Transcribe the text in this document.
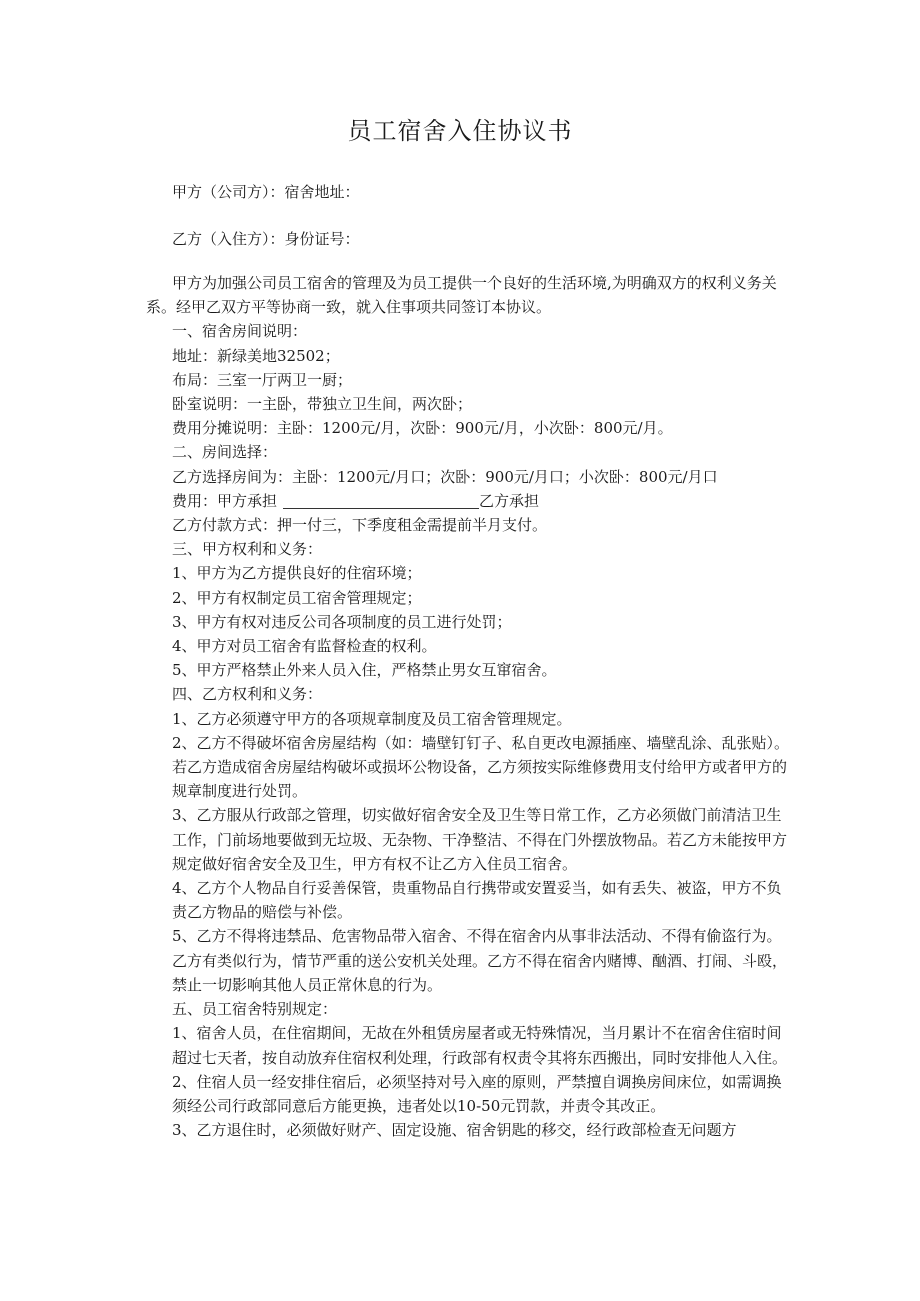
员工宿舍入住协议书
甲方（公司方）：宿舍地址：
乙方（入住方）：身份证号：

甲方为加强公司员工宿舍的管理及为员工提供一个良好的生活环境,为明确双方的权利义务关系。经甲乙双方平等协商一致，就入住事项共同签订本协议。

一、宿舍房间说明：

地址：新绿美地32502；

布局：三室一厅两卫一厨；

卧室说明：一主卧，带独立卫生间，两次卧；

费用分摊说明：主卧：1200元/月，次卧：900元/月，小次卧：800元/月。

二、房间选择：

乙方选择房间为：主卧：1200元/月口；次卧：900元/月口；小次卧：800元/月口

费用：甲方承担	乙方承担

乙方付款方式：押一付三，下季度租金需提前半月支付。

三、甲方权利和义务：

1、甲方为乙方提供良好的住宿环境；

2、甲方有权制定员工宿舍管理规定；

3、甲方有权对违反公司各项制度的员工进行处罚；

4、甲方对员工宿舍有监督检查的权利。

5、甲方严格禁止外来人员入住，严格禁止男女互窜宿舍。

四、乙方权利和义务：

1、乙方必须遵守甲方的各项规章制度及员工宿舍管理规定。

2、乙方不得破坏宿舍房屋结构（如：墙壁钉钉子、私自更改电源插座、墙壁乱涂、乱张贴）。若乙方造成宿舍房屋结构破坏或损坏公物设备，乙方须按实际维修费用支付给甲方或者甲方的规章制度进行处罚。

3、乙方服从行政部之管理，切实做好宿舍安全及卫生等日常工作，乙方必须做门前清洁卫生工作，门前场地要做到无垃圾、无杂物、干净整洁、不得在门外摆放物品。若乙方未能按甲方规定做好宿舍安全及卫生，甲方有权不让乙方入住员工宿舍。

4、乙方个人物品自行妥善保管，贵重物品自行携带或安置妥当，如有丢失、被盗，甲方不负责乙方物品的赔偿与补偿。

5、乙方不得将违禁品、危害物品带入宿舍、不得在宿舍内从事非法活动、不得有偷盗行为。乙方有类似行为，情节严重的送公安机关处理。乙方不得在宿舍内赌博、酗酒、打闹、斗殴，禁止一切影响其他人员正常休息的行为。

五、员工宿舍特别规定：

1、宿舍人员，在住宿期间，无故在外租赁房屋者或无特殊情况，当月累计不在宿舍住宿时间超过七天者，按自动放弃住宿权利处理，行政部有权责令其将东西搬出，同时安排他人入住。

2、住宿人员一经安排住宿后，必须坚持对号入座的原则，严禁擅自调换房间床位，如需调换须经公司行政部同意后方能更换，违者处以10-50元罚款，并责令其改正。

3、乙方退住时，必须做好财产、固定设施、宿舍钥匙的移交，经行政部检查无问题方
